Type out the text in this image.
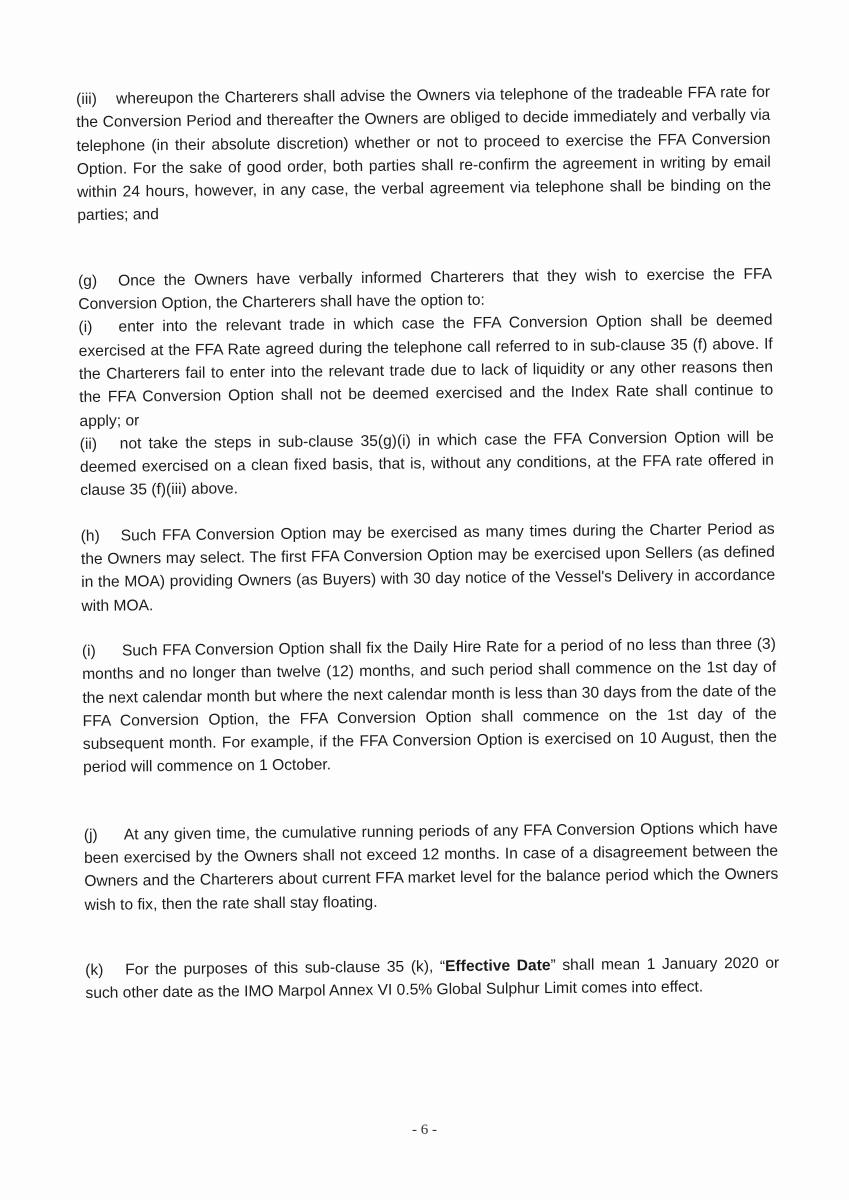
(iii) whereupon the Charterers shall advise the Owners via telephone of the tradeable FFA rate for the Conversion Period and thereafter the Owners are obliged to decide immediately and verbally via telephone (in their absolute discretion) whether or not to proceed to exercise the FFA Conversion Option. For the sake of good order, both parties shall re-confirm the agreement in writing by email within 24 hours, however, in any case, the verbal agreement via telephone shall be binding on the parties; and

(g) Once the Owners have verbally informed Charterers that they wish to exercise the FFA Conversion Option, the Charterers shall have the option to:

(i) enter into the relevant trade in which case the FFA Conversion Option shall be deemed exercised at the FFA Rate agreed during the telephone call referred to in sub-clause 35 (f) above. If the Charterers fail to enter into the relevant trade due to lack of liquidity or any other reasons then the FFA Conversion Option shall not be deemed exercised and the Index Rate shall continue to apply; or

(ii) not take the steps in sub-clause 35(g)(i) in which case the FFA Conversion Option will be deemed exercised on a clean fixed basis, that is, without any conditions, at the FFA rate offered in clause 35 (f)(iii) above.

(h) Such FFA Conversion Option may be exercised as many times during the Charter Period as the Owners may select. The first FFA Conversion Option may be exercised upon Sellers (as defined in the MOA) providing Owners (as Buyers) with 30 day notice of the Vessel's Delivery in accordance with MOA.

(i) Such FFA Conversion Option shall fix the Daily Hire Rate for a period of no less than three (3) months and no longer than twelve (12) months, and such period shall commence on the 1st day of the next calendar month but where the next calendar month is less than 30 days from the date of the FFA Conversion Option, the FFA Conversion Option shall commence on the 1st day of the subsequent month. For example, if the FFA Conversion Option is exercised on 10 August, then the period will commence on 1 October.

(j) At any given time, the cumulative running periods of any FFA Conversion Options which have been exercised by the Owners shall not exceed 12 months. In case of a disagreement between the Owners and the Charterers about current FFA market level for the balance period which the Owners wish to fix, then the rate shall stay floating.

(k) For the purposes of this sub-clause 35 (k), “Effective Date” shall mean 1 January 2020 or such other date as the IMO Marpol Annex VI 0.5% Global Sulphur Limit comes into effect.

- 6 -
